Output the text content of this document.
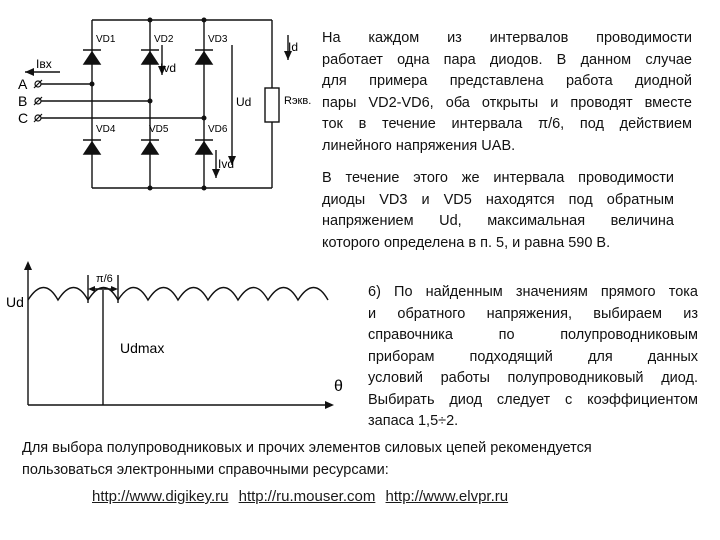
VD1	VD2	VD3
VD4	VD5	VD6
A
B
C
Iвх	Ivd
Ivd
Id
Ud	Rэкв.
На каждом из интервалов проводимости
работает одна пара диодов. В данном случае
для примера представлена работа диодной
пары VD2-VD6, оба открыты и проводят вместе
ток в течение интервала π/6, под действием
линейного напряжения UAB.
В течение этого же интервала проводимости
диоды VD3 и VD5 находятся под обратным
напряжением Ud, максимальная величина
которого определена в п. 5, и равна 590 В.
Ud
θ
π/6
Udmax
6) По найденным значениям прямого тока
и обратного напряжения, выбираем из
справочника по полупроводниковым
приборам подходящий для данных
условий работы полупроводниковый диод.
Выбирать диод следует с коэффициентом
запаса 1,5÷2.
Для выбора полупроводниковых и прочих элементов силовых цепей рекомендуется
пользоваться электронными справочными ресурсами:
http://www.digikey.ru http://ru.mouser.com http://www.elvpr.ru
